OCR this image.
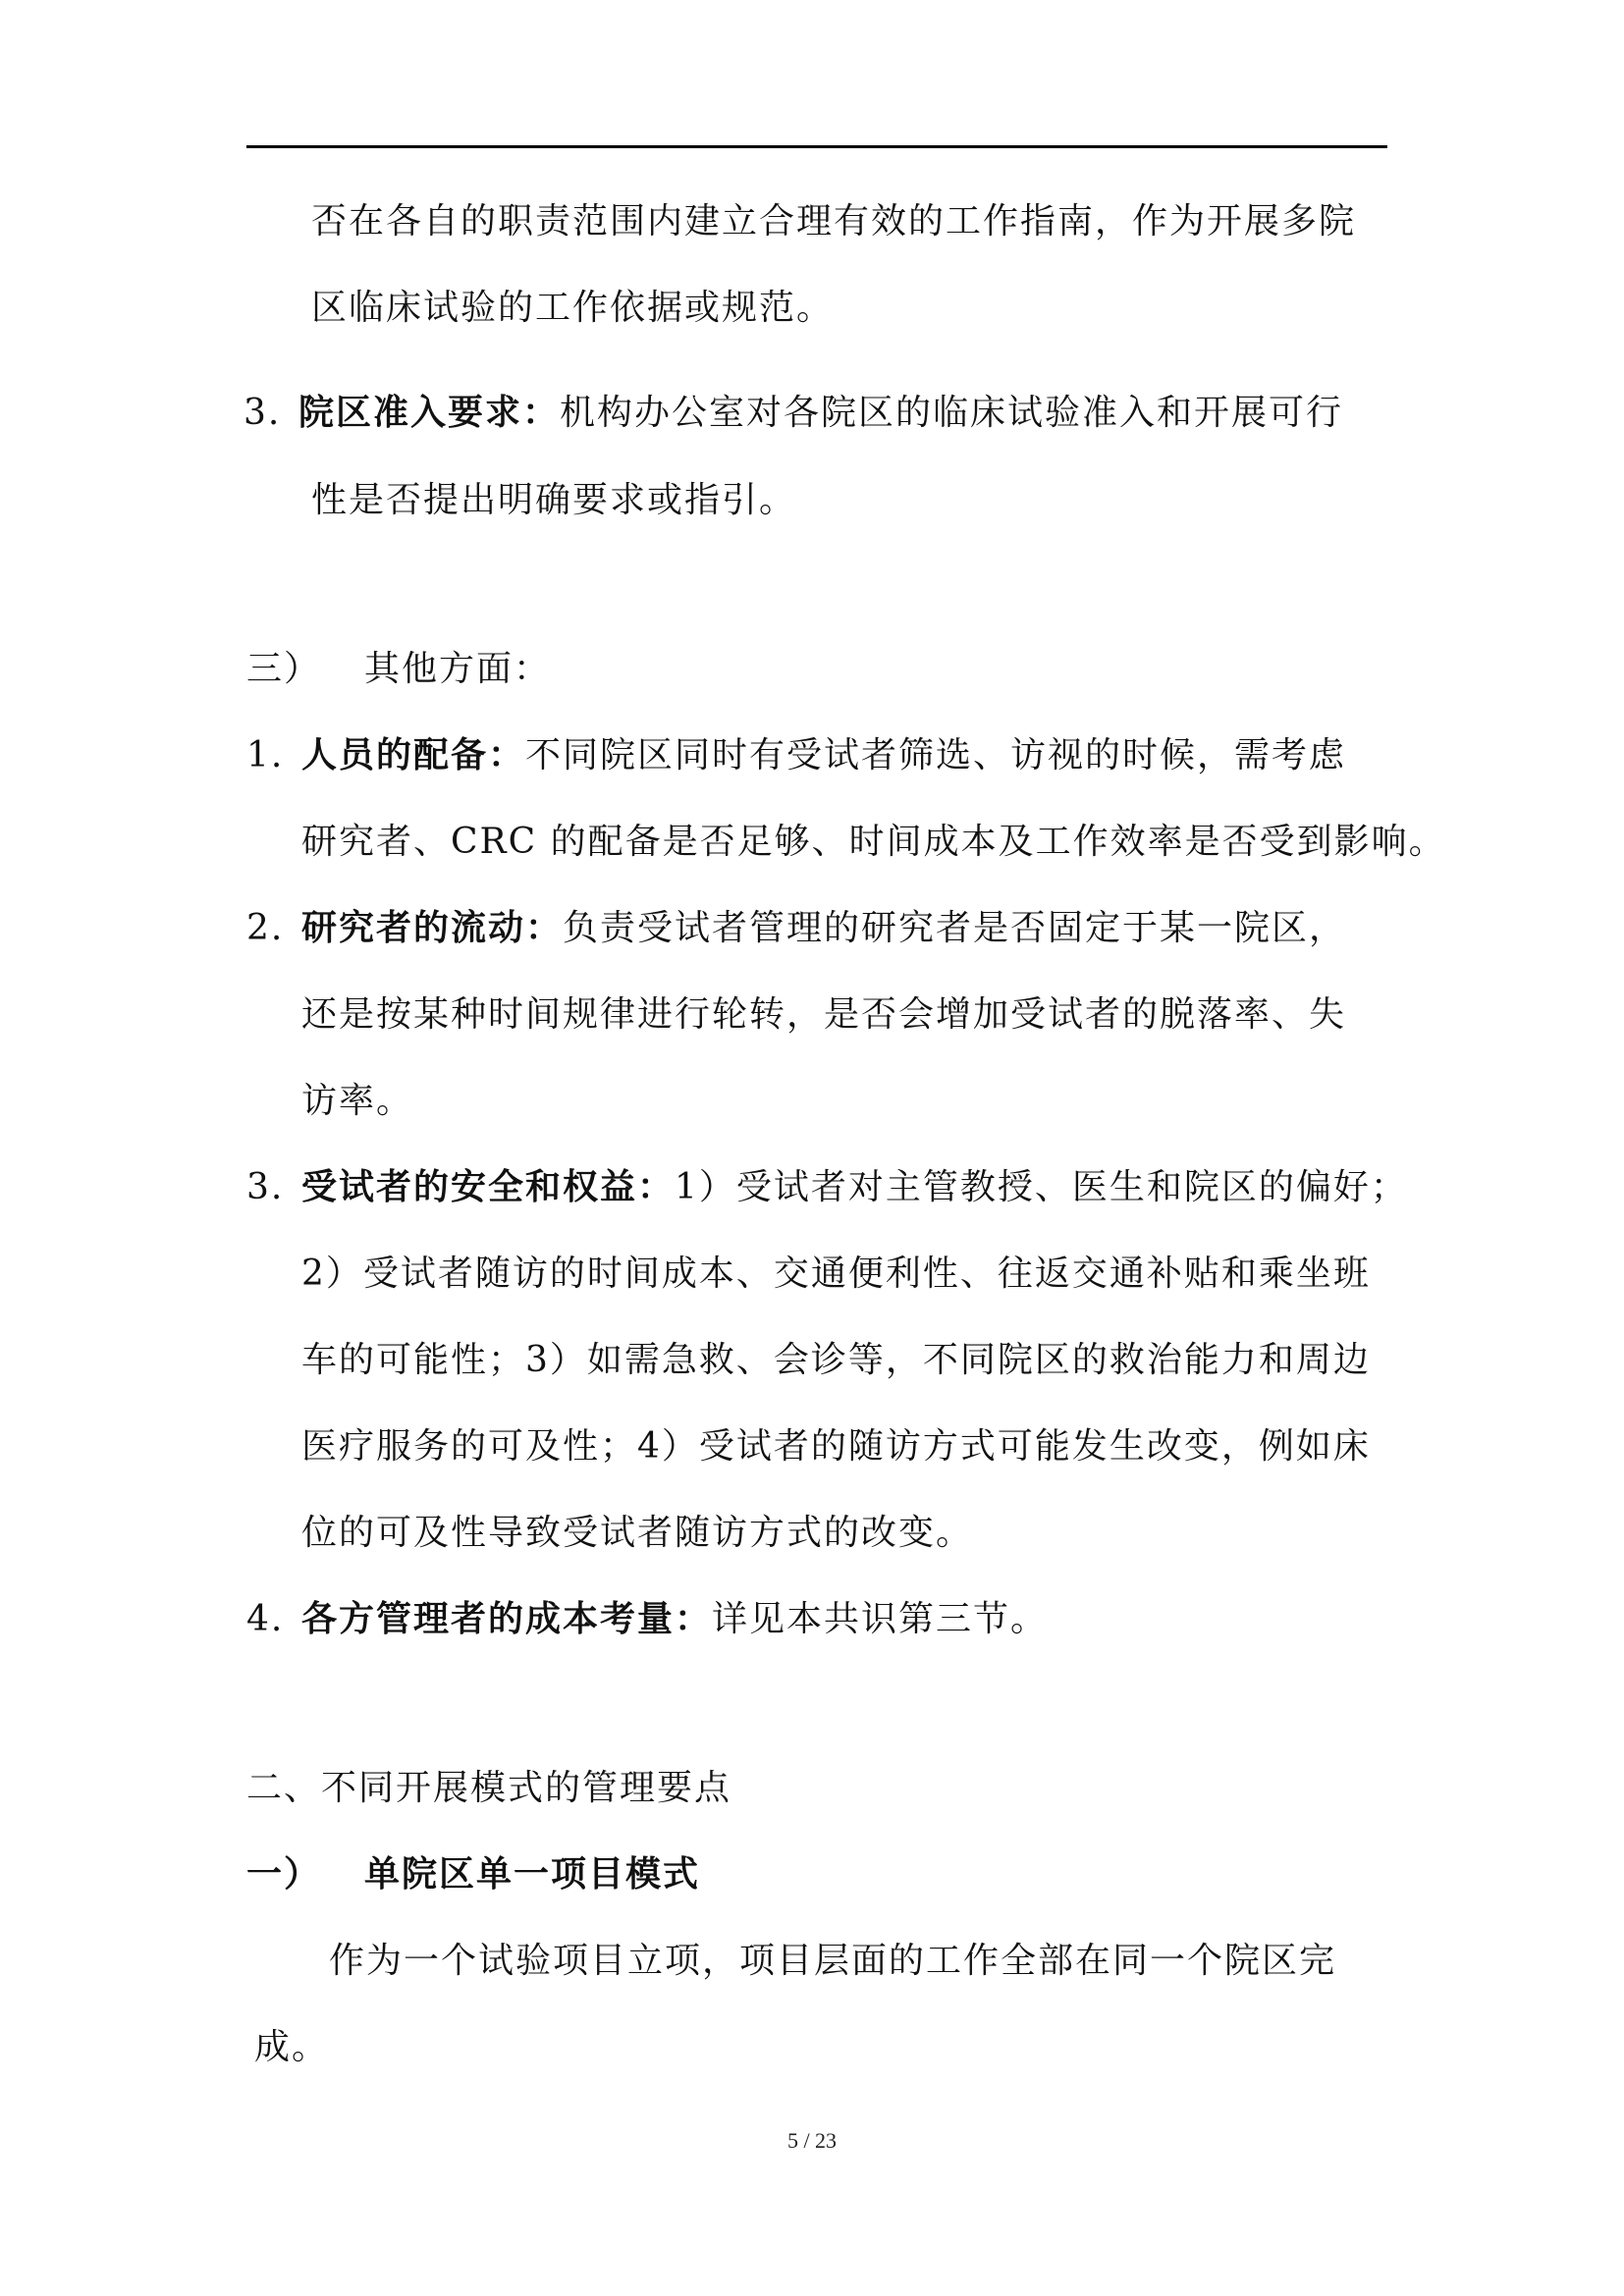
否在各自的职责范围内建立合理有效的工作指南，作为开展多院
区临床试验的工作依据或规范。
3. 院区准入要求：机构办公室对各院区的临床试验准入和开展可行
性是否提出明确要求或指引。
三） 其他方面：
1. 人员的配备：不同院区同时有受试者筛选、访视的时候，需考虑
研究者、CRC 的配备是否足够、时间成本及工作效率是否受到影响。
2. 研究者的流动：负责受试者管理的研究者是否固定于某一院区，
还是按某种时间规律进行轮转，是否会增加受试者的脱落率、失
访率。
3. 受试者的安全和权益：1）受试者对主管教授、医生和院区的偏好；
2）受试者随访的时间成本、交通便利性、往返交通补贴和乘坐班
车的可能性；3）如需急救、会诊等，不同院区的救治能力和周边
医疗服务的可及性；4）受试者的随访方式可能发生改变，例如床
位的可及性导致受试者随访方式的改变。
4. 各方管理者的成本考量：详见本共识第三节。
二、不同开展模式的管理要点
一） 单院区单一项目模式
作为一个试验项目立项，项目层面的工作全部在同一个院区完
成。
5 / 23
